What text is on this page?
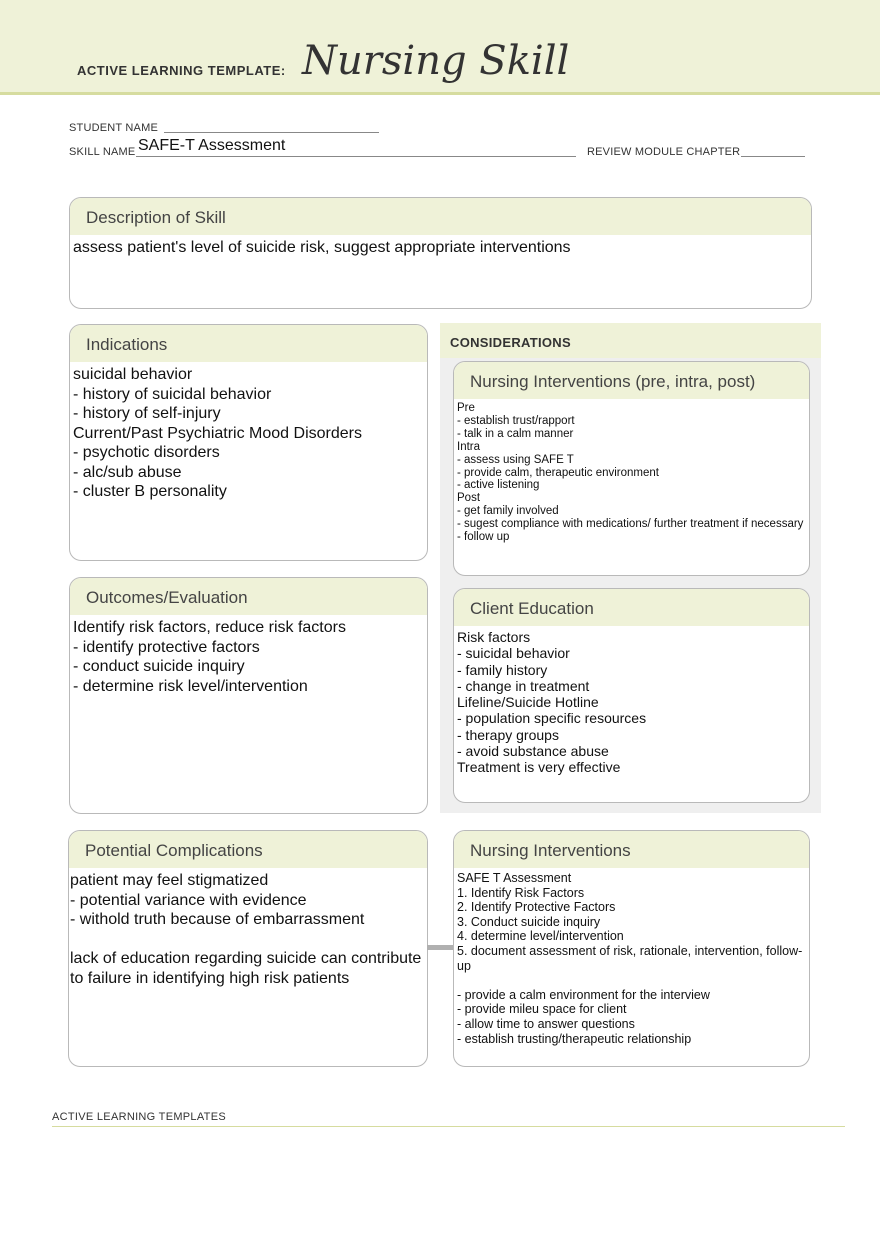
ACTIVE LEARNING TEMPLATE: Nursing Skill
STUDENT NAME
SKILL NAME SAFE-T Assessment	REVIEW MODULE CHAPTER
Description of Skill
assess patient's level of suicide risk, suggest appropriate interventions
Indications
suicidal behavior
- history of suicidal behavior
- history of self-injury
Current/Past Psychiatric Mood Disorders
- psychotic disorders
- alc/sub abuse
- cluster B personality
Outcomes/Evaluation
Identify risk factors, reduce risk factors
- identify protective factors
- conduct suicide inquiry
- determine risk level/intervention
CONSIDERATIONS
Nursing Interventions (pre, intra, post)
Pre
- establish trust/rapport
- talk in a calm manner
Intra
- assess using SAFE T
- provide calm, therapeutic environment
- active listening
Post
- get family involved
- sugest compliance with medications/ further treatment if necessary
- follow up
Client Education
Risk factors
- suicidal behavior
- family history
- change in treatment
Lifeline/Suicide Hotline
- population specific resources
- therapy groups
- avoid substance abuse
Treatment is very effective
Potential Complications
patient may feel stigmatized
- potential variance with evidence
- withold truth because of embarrassment

lack of education regarding suicide can contribute to failure in identifying high risk patients
Nursing Interventions
SAFE T Assessment
1. Identify Risk Factors
2. Identify Protective Factors
3. Conduct suicide inquiry
4. determine level/intervention
5. document assessment of risk, rationale, intervention, follow-up

- provide a calm environment for the interview
- provide mileu space for client
- allow time to answer questions
- establish trusting/therapeutic relationship
ACTIVE LEARNING TEMPLATES
